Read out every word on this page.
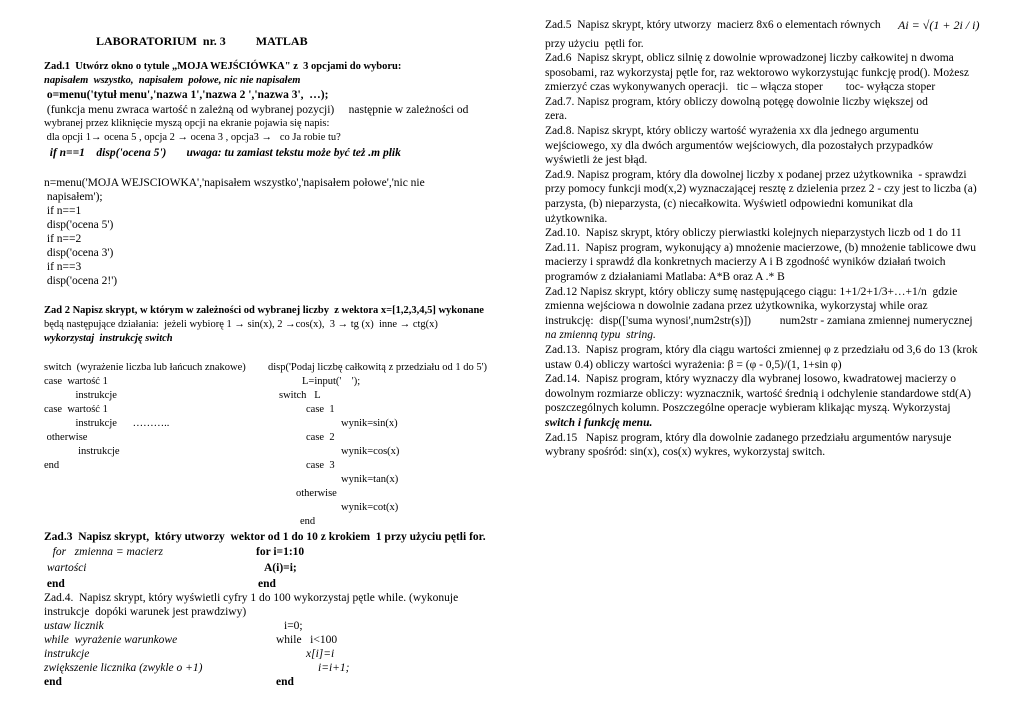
LABORATORIUM  nr. 3          MATLAB
Zad.1  Utwórz okno o tytule „MOJA WEJŚCIÓWKA" z  3 opcjami do wyboru:
napisałem  wszystko,  napisałem  połowe, nic nie napisałem
o=menu('tytuł menu','nazwa 1','nazwa 2 ','nazwa 3',  …);
(funkcja menu zwraca wartość n zależną od wybranej pozycji)     następnie w zależności od
wybranej przez kliknięcie myszą opcji na ekranie pojawia się napis:
dla opcji 1→ ocena 5 , opcja 2 → ocena 3 , opcja3 →   co Ja robie tu?
if n==1    disp('ocena 5')       uwaga: tu zamiast tekstu może być też .m plik
n=menu('MOJA WEJSCIOWKA','napisałem wszystko','napisałem połowe','nic nie
napisałem');
if n==1
disp('ocena 5')
if n==2
disp('ocena 3')
if n==3
disp('ocena 2!')
Zad 2 Napisz skrypt, w którym w zależności od wybranej liczby  z wektora x=[1,2,3,4,5] wykonane
będą następujące działania:  jeżeli wybiorę 1 → sin(x), 2 →cos(x),  3 → tg (x)  inne → ctg(x)
wykorzystaj  instrukcję switch
switch  (wyrażenie liczba lub łańcuch znakowe)
case  wartość 1
instrukcje
case  wartość 1
instrukcje      ………..
otherwise
instrukcje
end
disp('Podaj liczbę całkowitą z przedziału od 1 do 5')
L=input('    ');
switch   L
case  1
wynik=sin(x)
case  2
wynik=cos(x)
case  3
wynik=tan(x)
otherwise
wynik=cot(x)
end
Zad.3  Napisz skrypt,  który utworzy  wektor od 1 do 10 z krokiem  1 przy użyciu pętli for.
for   zmienna = macierz	for i=1:10
wartości	A(i)=i;
end	end
Zad.4.  Napisz skrypt, który wyświetli cyfry 1 do 100 wykorzystaj pętle while. (wykonuje
instrukcje  dopóki warunek jest prawdziwy)
ustaw licznik	i=0;
while  wyrażenie warunkowe	while   i<100
instrukcje	x[i]=i
zwiększenie licznika (zwykle o +1)	i=i+1;
end	end
Zad.5  Napisz skrypt, który utworzy  macierz 8x6 o elementach równych
przy użyciu  pętli for.
Zad.6  Napisz skrypt, oblicz silnię z dowolnie wprowadzonej liczby całkowitej n dwoma
sposobami, raz wykorzystaj pętle for, raz wektorowo wykorzystując funkcję prod(). Możesz
zmierzyć czas wykonywanych operacji.   tic – włącza stoper        toc- wyłącza stoper
Zad.7. Napisz program, który obliczy dowolną potęgę dowolnie liczby większej od
zera.
Zad.8. Napisz skrypt, który obliczy wartość wyrażenia xx dla jednego argumentu
wejściowego, xy dla dwóch argumentów wejściowych, dla pozostałych przypadków
wyświetli że jest błąd.
Zad.9. Napisz program, który dla dowolnej liczby x podanej przez użytkownika  - sprawdzi
przy pomocy funkcji mod(x,2) wyznaczającej resztę z dzielenia przez 2 - czy jest to liczba (a)
parzysta, (b) nieparzysta, (c) niecałkowita. Wyświetl odpowiedni komunikat dla
użytkownika.
Zad.10.  Napisz skrypt, który obliczy pierwiastki kolejnych nieparzystych liczb od 1 do 11
Zad.11.  Napisz program, wykonujący a) mnożenie macierzowe, (b) mnożenie tablicowe dwu
macierzy i sprawdź dla konkretnych macierzy A i B zgodność wyników działań twoich
programów z działaniami Matlaba: A*B oraz A .* B
Zad.12 Napisz skrypt, który obliczy sumę następującego ciągu: 1+1/2+1/3+…+1/n  gdzie
zmienna wejściowa n dowolnie zadana przez użytkownika, wykorzystaj while oraz
instrukcję:  disp(['suma wynosi',num2str(s)])          num2str - zamiana zmiennej numerycznej
na zmienną typu  string.
Zad.13.  Napisz program, który dla ciągu wartości zmiennej φ z przedziału od 3,6 do 13 (krok
ustaw 0.4) obliczy wartości wyrażenia: β = (φ - 0,5)/(1, 1+sin φ)
Zad.14.  Napisz program, który wyznaczy dla wybranej losowo, kwadratowej macierzy o
dowolnym rozmiarze obliczy: wyznacznik, wartość średnią i odchylenie standardowe std(A)
poszczególnych kolumn. Poszczególne operacje wybieram klikając myszą. Wykorzystaj
switch i funkcję menu.
Zad.15   Napisz program, który dla dowolnie zadanego przedziału argumentów narysuje
wybrany spośród: sin(x), cos(x) wykres, wykorzystaj switch.
Ai = √(1 + 2i / i)
